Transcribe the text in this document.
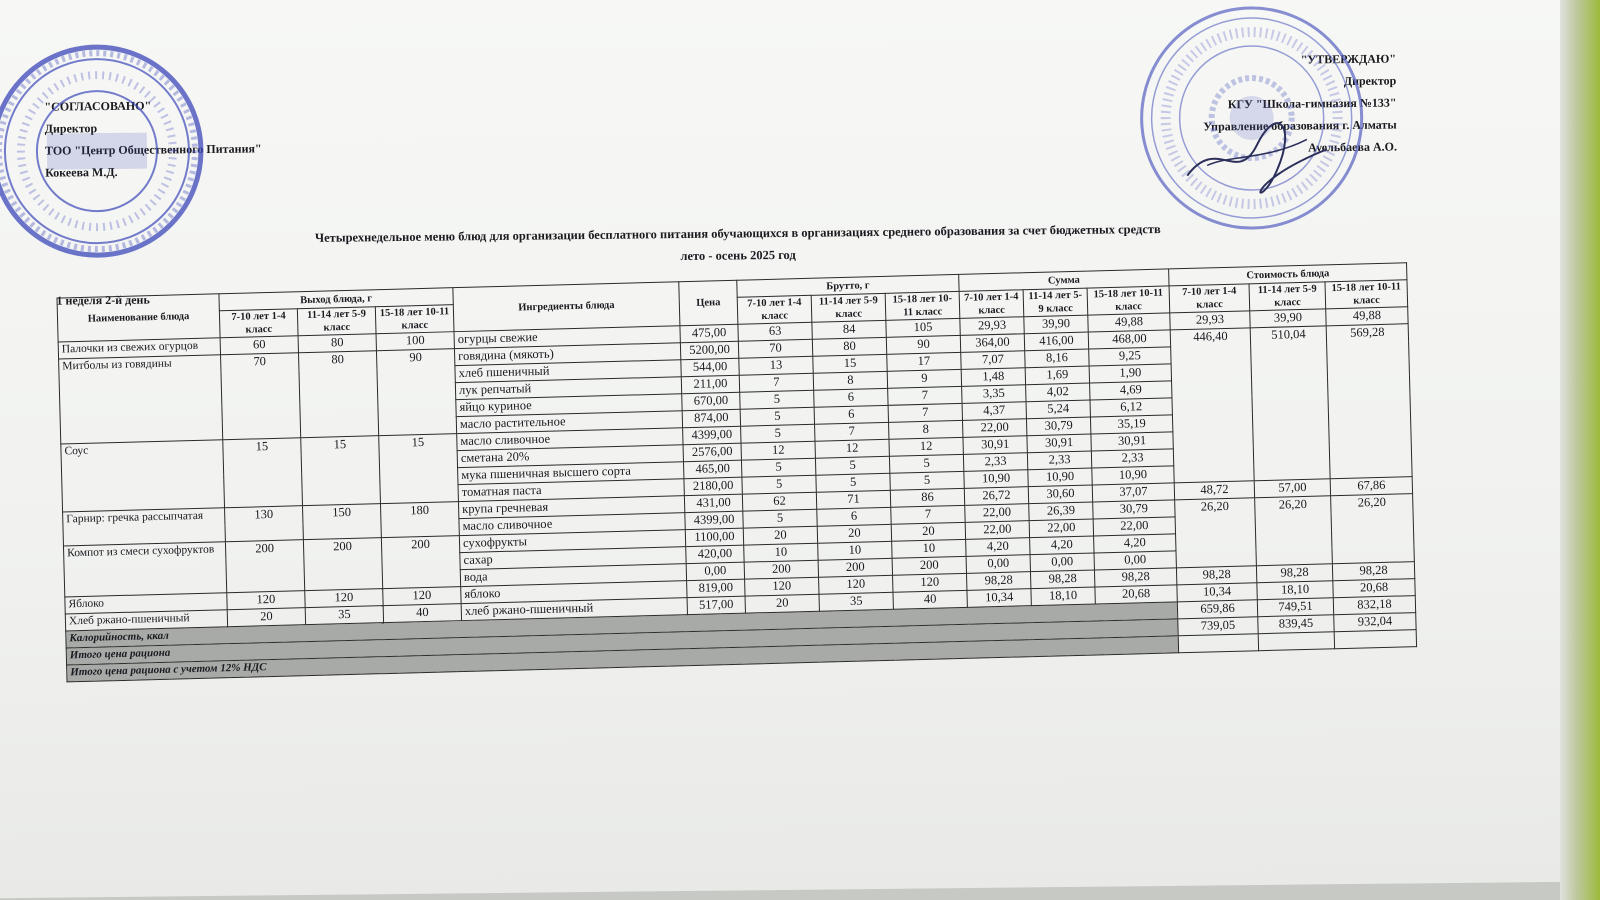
"СОГЛАСОВАНО"
Директор
ТОО "Центр Общественного Питания"
Кокеева М.Д.
"УТВЕРЖДАЮ"
Директор
КГУ "Школа-гимназия №133"
Управление образования г. Алматы
Ауельбаева А.О.
Четырехнедельное меню блюд для организации бесплатного питания обучающихся в организациях среднего образования за счет бюджетных средств
лето - осень 2025 год
1 неделя 2-й день
Наименование блюда	Выход блюда, г			Ингредиенты блюда	Цена	Брутто, г			Сумма			Стоимость блюда		
	7-10 лет 1-4 класс	11-14 лет 5-9 класс	15-18 лет 10-11 класс			7-10 лет 1-4 класс	11-14 лет 5-9 класс	15-18 лет 10-11 класс	7-10 лет 1-4 класс	11-14 лет 5-9 класс	15-18 лет 10-11 класс	7-10 лет 1-4 класс	11-14 лет 5-9 класс	15-18 лет 10-11 класс
Палочки из свежих огурцов	60	80	100	огурцы свежие	475,00	63	84	105	29,93	39,90	49,88	29,93	39,90	49,88
Митболы из говядины	70	80	90	говядина (мякоть)	5200,00	70	80	90	364,00	416,00	468,00	446,40	510,04	569,28
				хлеб пшеничный	544,00	13	15	17	7,07	8,16	9,25			
				лук репчатый	211,00	7	8	9	1,48	1,69	1,90			
				яйцо куриное	670,00	5	6	7	3,35	4,02	4,69			
				масло растительное	874,00	5	6	7	4,37	5,24	6,12			
Соус	15	15	15	масло сливочное	4399,00	5	7	8	22,00	30,79	35,19			
				сметана 20%	2576,00	12	12	12	30,91	30,91	30,91			
				мука пшеничная высшего сорта	465,00	5	5	5	2,33	2,33	2,33			
				томатная паста	2180,00	5	5	5	10,90	10,90	10,90			
Гарнир: гречка рассыпчатая	130	150	180	крупа гречневая	431,00	62	71	86	26,72	30,60	37,07	48,72	57,00	67,86
				масло сливочное	4399,00	5	6	7	22,00	26,39	30,79	26,20	26,20	26,20
Компот из смеси сухофруктов	200	200	200	сухофрукты	1100,00	20	20	20	22,00	22,00	22,00			
				сахар	420,00	10	10	10	4,20	4,20	4,20			
				вода	0,00	200	200	200	0,00	0,00	0,00			
Яблоко	120	120	120	яблоко	819,00	120	120	120	98,28	98,28	98,28	98,28	98,28	98,28
Хлеб ржано-пшеничный	20	35	40	хлеб ржано-пшеничный	517,00	20	35	40	10,34	18,10	20,68	10,34	18,10	20,68
Калорийность, ккал												659,86	749,51	832,18
Итого цена рациона												739,05	839,45	932,04
Итого цена рациона с учетом 12% НДС														
